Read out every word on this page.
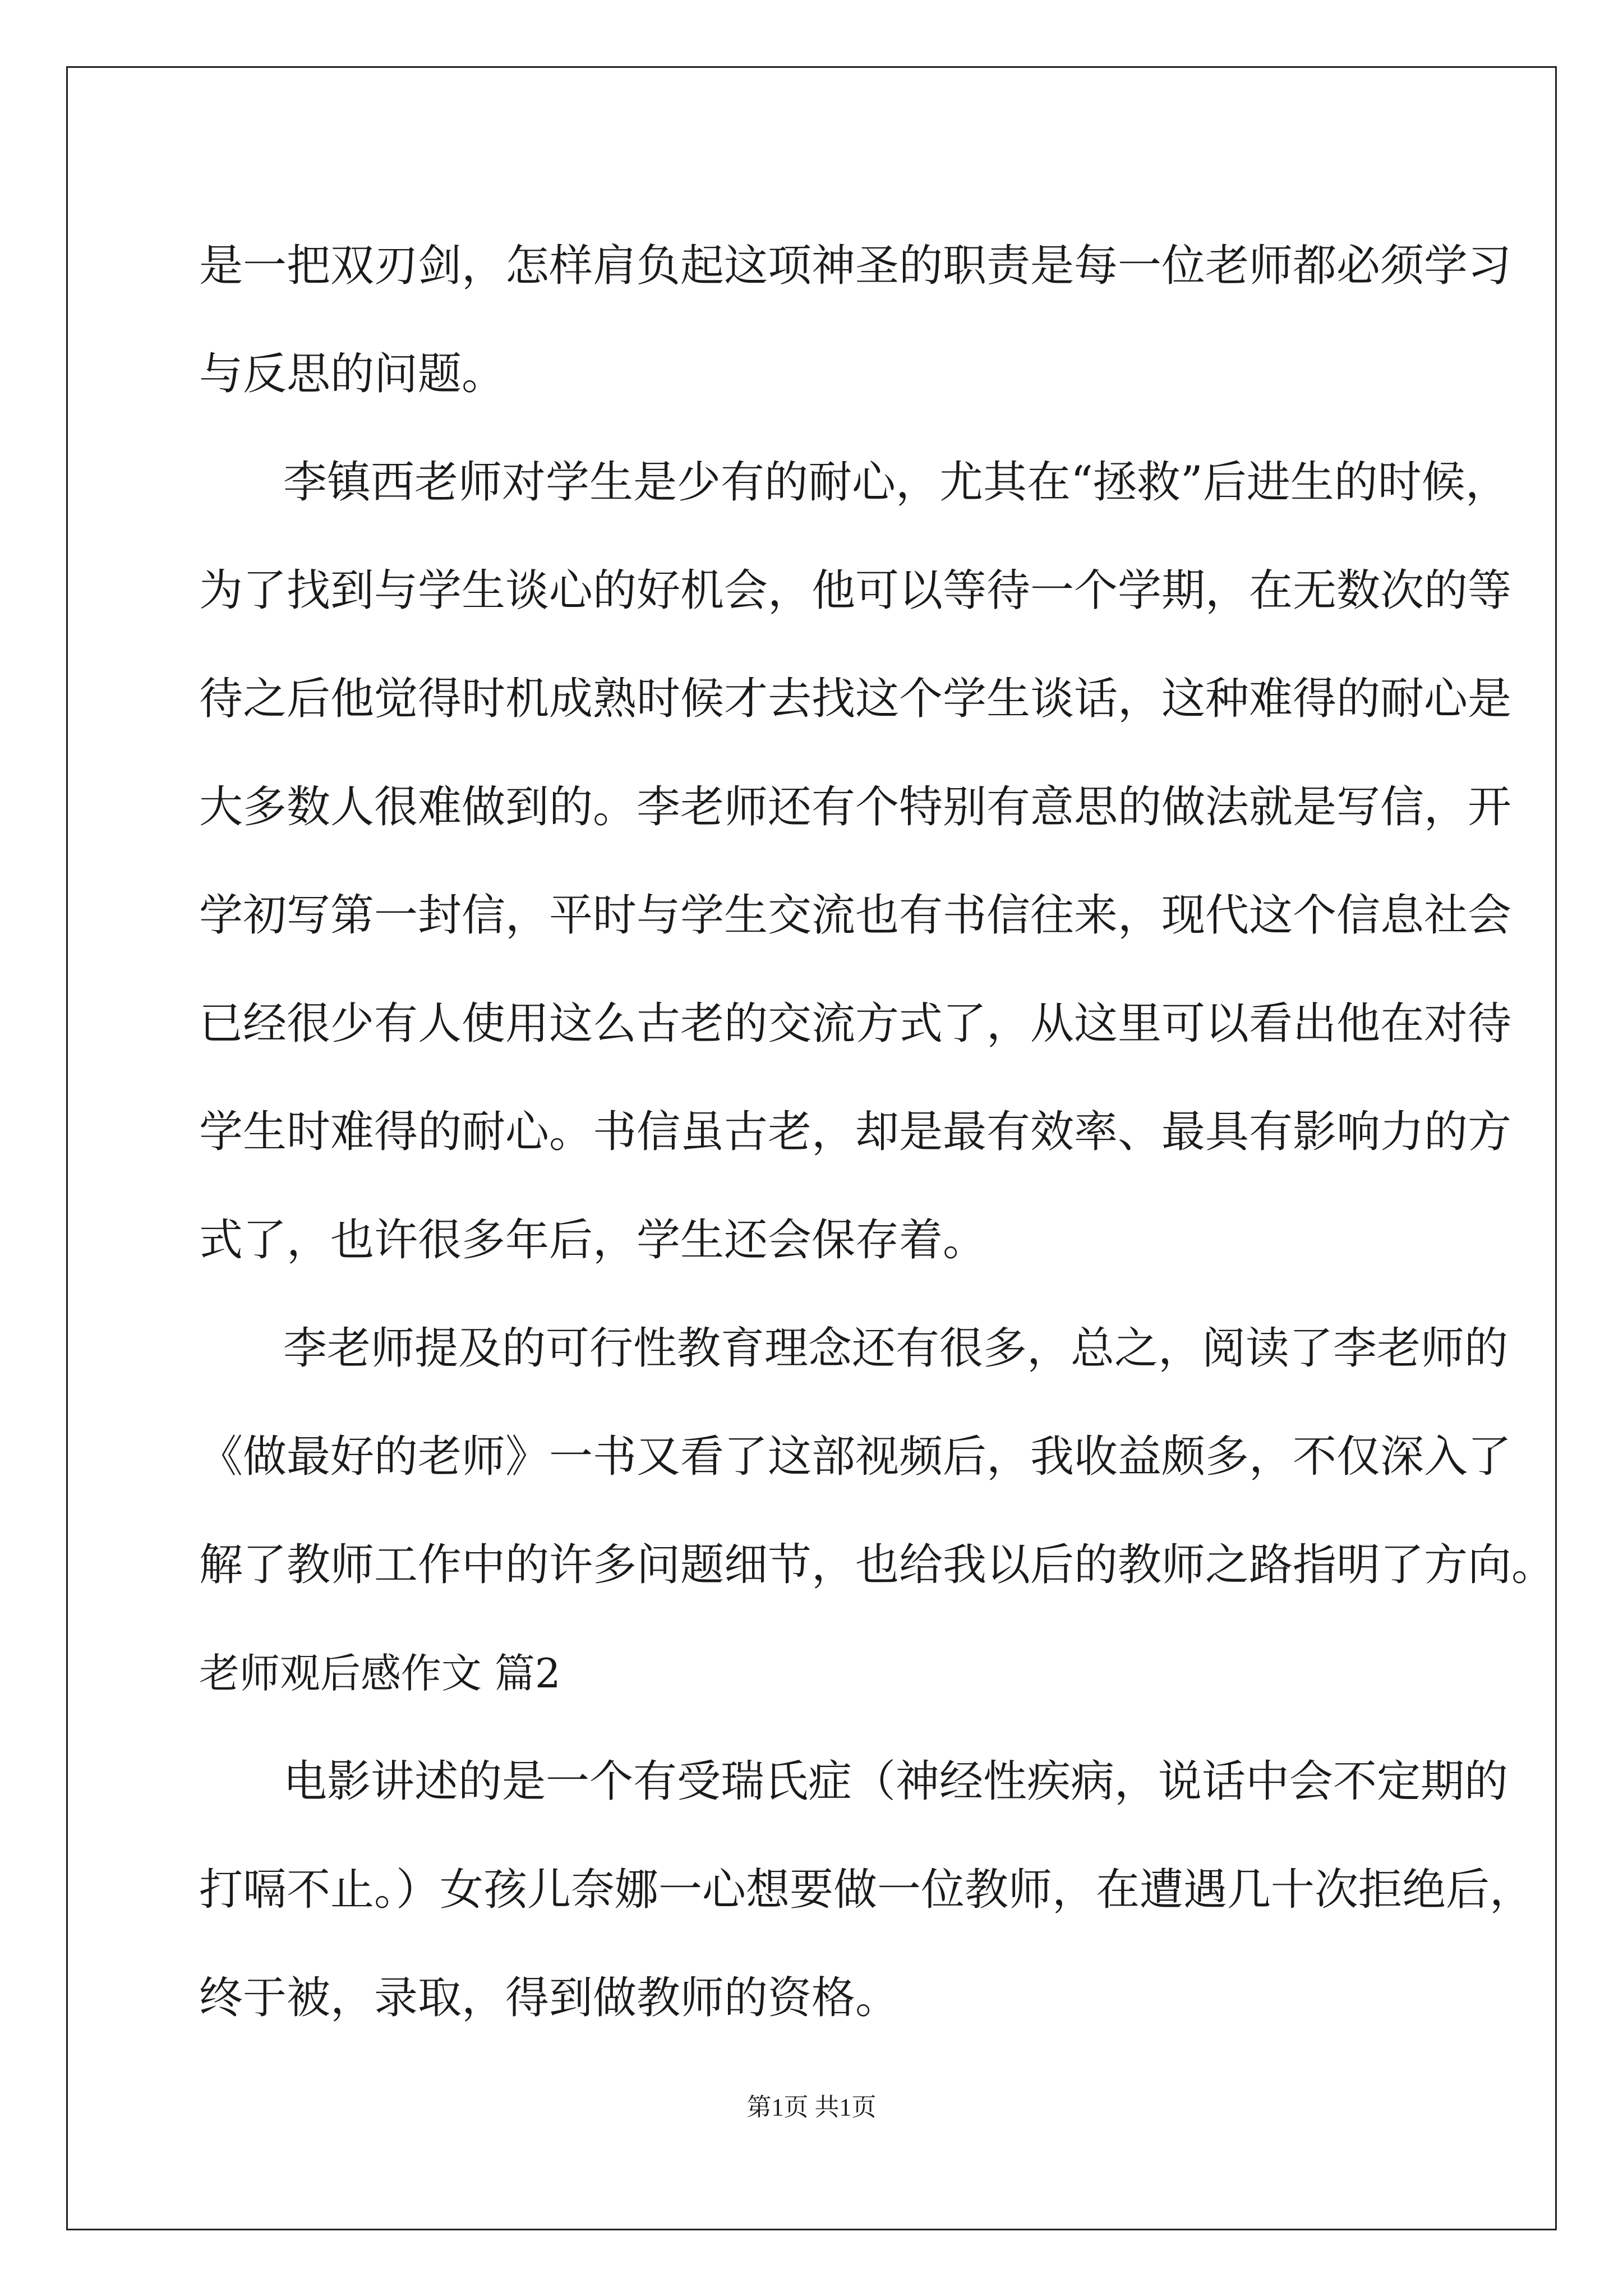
是一把双刃剑，怎样肩负起这项神圣的职责是每一位老师都必须学习
与反思的问题。
李镇西老师对学生是少有的耐心，尤其在“拯救”后进生的时候，
为了找到与学生谈心的好机会，他可以等待一个学期，在无数次的等
待之后他觉得时机成熟时候才去找这个学生谈话，这种难得的耐心是
大多数人很难做到的。李老师还有个特别有意思的做法就是写信，开
学初写第一封信，平时与学生交流也有书信往来，现代这个信息社会
已经很少有人使用这么古老的交流方式了，从这里可以看出他在对待
学生时难得的耐心。书信虽古老，却是最有效率、最具有影响力的方
式了，也许很多年后，学生还会保存着。
李老师提及的可行性教育理念还有很多，总之，阅读了李老师的
《做最好的老师》一书又看了这部视频后，我收益颇多，不仅深入了
解了教师工作中的许多问题细节，也给我以后的教师之路指明了方向。
老师观后感作文 篇2
电影讲述的是一个有受瑞氏症（神经性疾病，说话中会不定期的
打嗝不止。）女孩儿奈娜一心想要做一位教师，在遭遇几十次拒绝后，
终于被，录取，得到做教师的资格。
第1页 共1页
